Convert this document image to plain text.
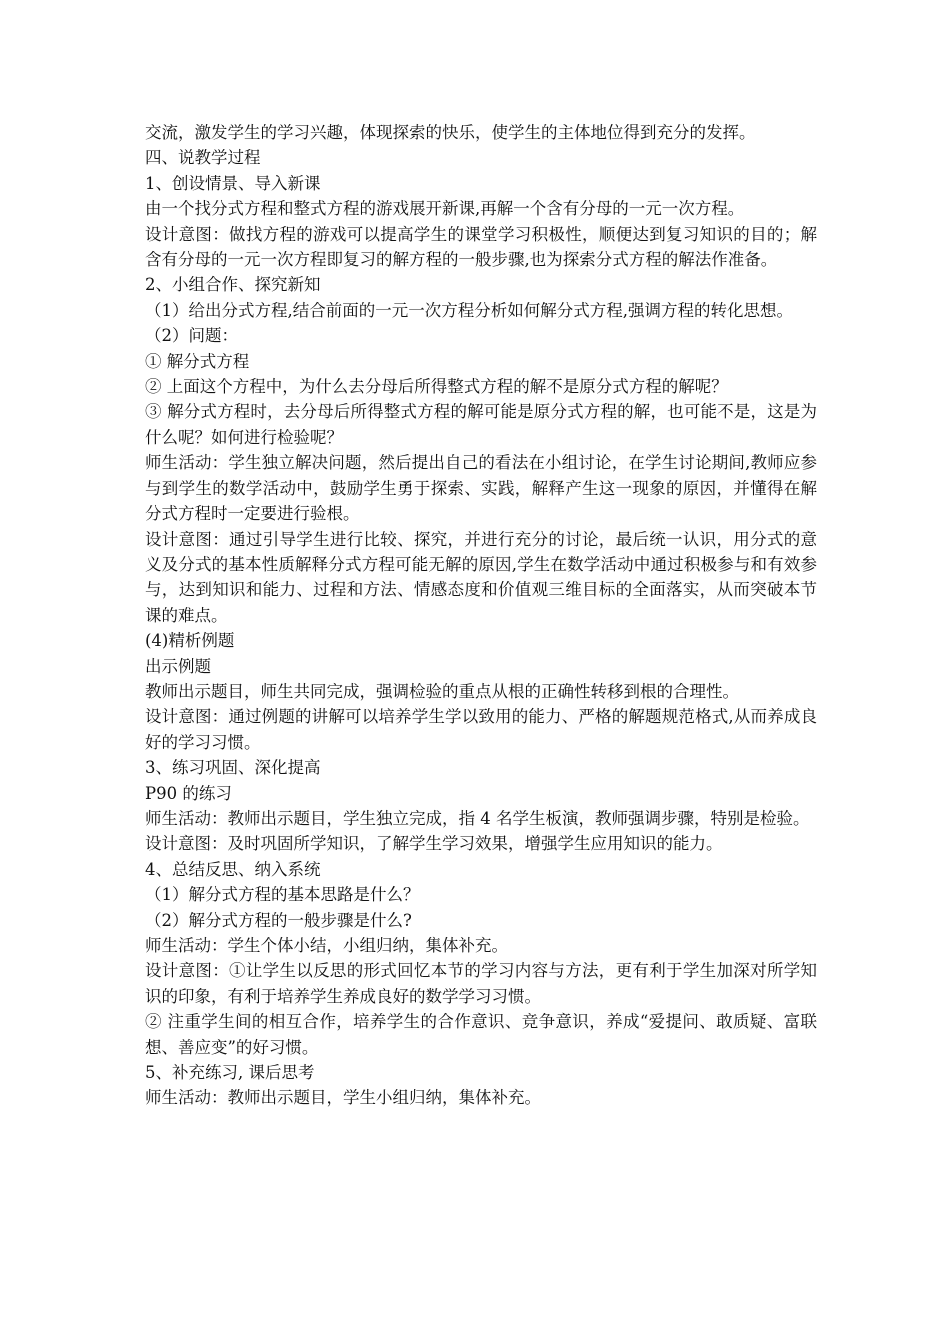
交流，激发学生的学习兴趣，体现探索的快乐，使学生的主体地位得到充分的发挥。

四、说教学过程

1、创设情景、导入新课

由一个找分式方程和整式方程的游戏展开新课,再解一个含有分母的一元一次方程。

设计意图：做找方程的游戏可以提高学生的课堂学习积极性，顺便达到复习知识的目的；解含有分母的一元一次方程即复习的解方程的一般步骤,也为探索分式方程的解法作准备。

2、小组合作、探究新知

（1）给出分式方程,结合前面的一元一次方程分析如何解分式方程,强调方程的转化思想。

（2）问题：

① 解分式方程

② 上面这个方程中，为什么去分母后所得整式方程的解不是原分式方程的解呢？

③ 解分式方程时，去分母后所得整式方程的解可能是原分式方程的解，也可能不是，这是为什么呢？如何进行检验呢？

师生活动：学生独立解决问题，然后提出自己的看法在小组讨论，在学生讨论期间,教师应参与到学生的数学活动中，鼓励学生勇于探索、实践，解释产生这一现象的原因，并懂得在解分式方程时一定要进行验根。

设计意图：通过引导学生进行比较、探究，并进行充分的讨论，最后统一认识，用分式的意义及分式的基本性质解释分式方程可能无解的原因,学生在数学活动中通过积极参与和有效参与，达到知识和能力、过程和方法、情感态度和价值观三维目标的全面落实，从而突破本节课的难点。

(4)精析例题

出示例题

教师出示题目，师生共同完成，强调检验的重点从根的正确性转移到根的合理性。

设计意图：通过例题的讲解可以培养学生学以致用的能力、严格的解题规范格式,从而养成良好的学习习惯。

3、练习巩固、深化提高

P90 的练习

师生活动：教师出示题目，学生独立完成，指 4 名学生板演，教师强调步骤，特别是检验。

设计意图：及时巩固所学知识，了解学生学习效果，增强学生应用知识的能力。

4、总结反思、纳入系统

（1）解分式方程的基本思路是什么？

（2）解分式方程的一般步骤是什么?

师生活动：学生个体小结，小组归纳，集体补充。

设计意图：①让学生以反思的形式回忆本节的学习内容与方法，更有利于学生加深对所学知识的印象，有利于培养学生养成良好的数学学习习惯。

② 注重学生间的相互合作，培养学生的合作意识、竞争意识，养成“爱提问、敢质疑、富联想、善应变”的好习惯。

5、补充练习, 课后思考

师生活动：教师出示题目，学生小组归纳，集体补充。
